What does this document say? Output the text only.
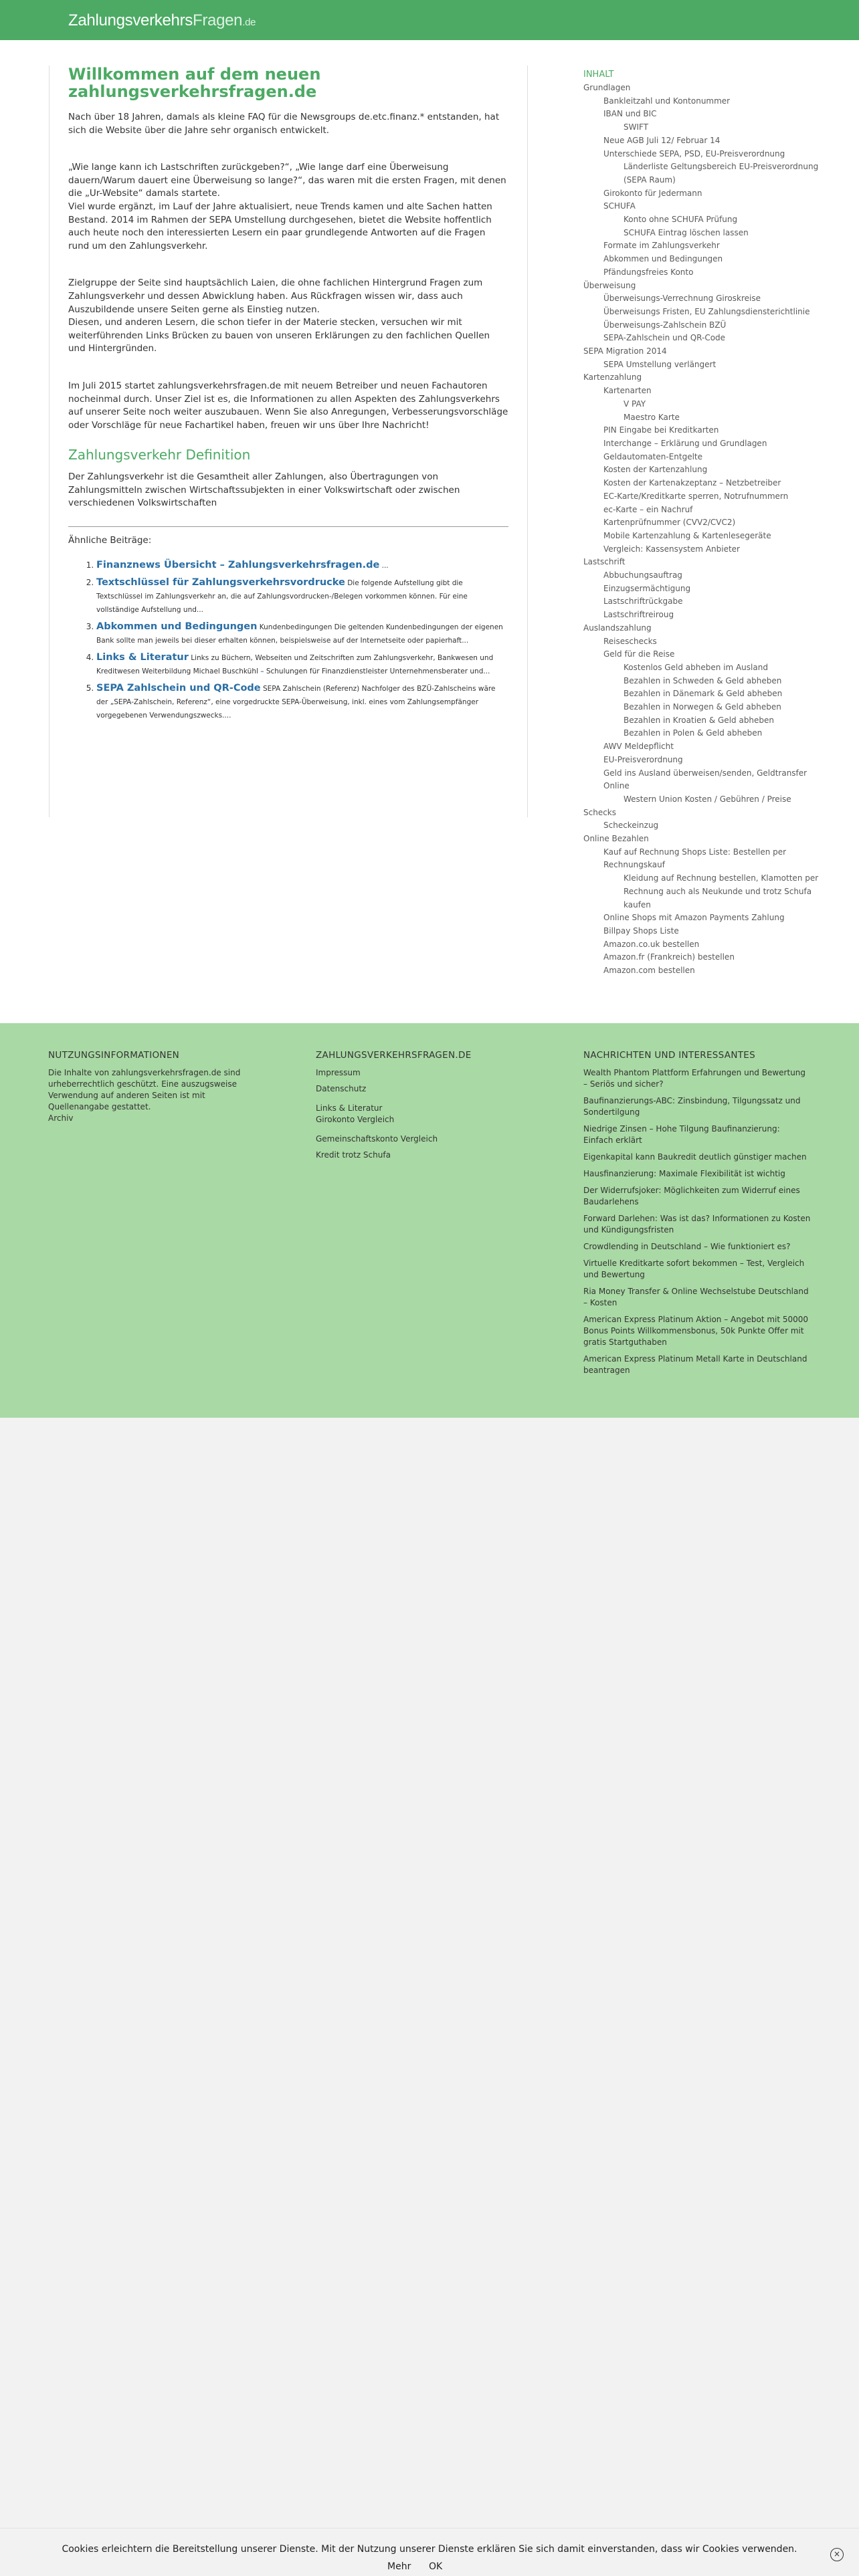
ZahlungsverkehrsFragen.de
Willkommen auf dem neuen zahlungsverkehrsfragen.de

Nach über 18 Jahren, damals als kleine FAQ für die Newsgroups de.etc.finanz.* entstanden, hat sich die Website über die Jahre sehr organisch entwickelt.

„Wie lange kann ich Lastschriften zurückgeben?“, „Wie lange darf eine Überweisung dauern/Warum dauert eine Überweisung so lange?“, das waren mit die ersten Fragen, mit denen die „Ur-Website“ damals startete.

Viel wurde ergänzt, im Lauf der Jahre aktualisiert, neue Trends kamen und alte Sachen hatten Bestand. 2014 im Rahmen der SEPA Umstellung durchgesehen, bietet die Website hoffentlich auch heute noch den interessierten Lesern ein paar grundlegende Antworten auf die Fragen rund um den Zahlungsverkehr.

Zielgruppe der Seite sind hauptsächlich Laien, die ohne fachlichen Hintergrund Fragen zum Zahlungsverkehr und dessen Abwicklung haben. Aus Rückfragen wissen wir, dass auch Auszubildende unsere Seiten gerne als Einstieg nutzen.

Diesen, und anderen Lesern, die schon tiefer in der Materie stecken, versuchen wir mit weiterführenden Links Brücken zu bauen von unseren Erklärungen zu den fachlichen Quellen und Hintergründen.

Im Juli 2015 startet zahlungsverkehrsfragen.de mit neuem Betreiber und neuen Fachautoren nocheinmal durch. Unser Ziel ist es, die Informationen zu allen Aspekten des Zahlungsverkehrs auf unserer Seite noch weiter auszubauen. Wenn Sie also Anregungen, Verbesserungsvorschläge oder Vorschläge für neue Fachartikel haben, freuen wir uns über Ihre Nachricht!

Zahlungsverkehr Definition

Der Zahlungsverkehr ist die Gesamtheit aller Zahlungen, also Übertragungen von Zahlungsmitteln zwischen Wirtschaftssubjekten in einer Volkswirtschaft oder zwischen verschiedenen Volkswirtschaften

Ähnliche Beiträge:
1. Finanznews Übersicht – Zahlungsverkehrsfragen.de ...
2. Textschlüssel für Zahlungsverkehrsvordrucke Die folgende Aufstellung gibt die Textschlüssel im Zahlungsverkehr an, die auf Zahlungsvordrucken-/Belegen vorkommen können. Für eine vollständige Aufstellung und...
3. Abkommen und Bedingungen Kundenbedingungen Die geltenden Kundenbedingungen der eigenen Bank sollte man jeweils bei dieser erhalten können, beispielsweise auf der Internetseite oder papierhaft...
4. Links & Literatur Links zu Büchern, Webseiten und Zeitschriften zum Zahlungsverkehr, Bankwesen und Kreditwesen Weiterbildung Michael Buschkühl – Schulungen für Finanzdienstleister Unternehmensberater und...
5. SEPA Zahlschein und QR-Code SEPA Zahlschein (Referenz) Nachfolger des BZÜ-Zahlscheins wäre der „SEPA-Zahlschein, Referenz“, eine vorgedruckte SEPA-Überweisung, inkl. eines vom Zahlungsempfänger vorgegebenen Verwendungszwecks....
INHALT
Grundlagen
Bankleitzahl und Kontonummer
IBAN und BIC
SWIFT
Neue AGB Juli 12/ Februar 14
Unterschiede SEPA, PSD, EU-Preisverordnung
Länderliste Geltungsbereich EU-Preisverordnung (SEPA Raum)
Girokonto für Jedermann
SCHUFA
Konto ohne SCHUFA Prüfung
SCHUFA Eintrag löschen lassen
Formate im Zahlungsverkehr
Abkommen und Bedingungen
Pfändungsfreies Konto
Überweisung
Überweisungs-Verrechnung Giroskreise
Überweisungs Fristen, EU Zahlungsdiensterichtlinie
Überweisungs-Zahlschein BZÜ
SEPA-Zahlschein und QR-Code
SEPA Migration 2014
SEPA Umstellung verlängert
Kartenzahlung
Kartenarten
V PAY
Maestro Karte
PIN Eingabe bei Kreditkarten
Interchange – Erklärung und Grundlagen
Geldautomaten-Entgelte
Kosten der Kartenzahlung
Kosten der Kartenakzeptanz – Netzbetreiber
EC-Karte/Kreditkarte sperren, Notrufnummern
ec-Karte – ein Nachruf
Kartenprüfnummer (CVV2/CVC2)
Mobile Kartenzahlung & Kartenlesegeräte
Vergleich: Kassensystem Anbieter
Lastschrift
Abbuchungsauftrag
Einzugsermächtigung
Lastschriftrückgabe
Lastschriftreiroug
Auslandszahlung
Reiseschecks
Geld für die Reise
Kostenlos Geld abheben im Ausland
Bezahlen in Schweden & Geld abheben
Bezahlen in Dänemark & Geld abheben
Bezahlen in Norwegen & Geld abheben
Bezahlen in Kroatien & Geld abheben
Bezahlen in Polen & Geld abheben
AWV Meldepflicht
EU-Preisverordnung
Geld ins Ausland überweisen/senden, Geldtransfer
Online
Western Union Kosten / Gebühren / Preise
Schecks
Scheckeinzug
Online Bezahlen
Kauf auf Rechnung Shops Liste: Bestellen per Rechnungskauf
Kleidung auf Rechnung bestellen, Klamotten per Rechnung auch als Neukunde und trotz Schufa kaufen
Online Shops mit Amazon Payments Zahlung
Billpay Shops Liste
Amazon.co.uk bestellen
Amazon.fr (Frankreich) bestellen
Amazon.com bestellen
NUTZUNGSINFORMATIONEN
Die Inhalte von zahlungsverkehrsfragen.de sind urheberrechtlich geschützt. Eine auszugsweise Verwendung auf anderen Seiten ist mit Quellenangabe gestattet.
Archiv
ZAHLUNGSVERKEHRSFRAGEN.DE
Impressum
Datenschutz
Links & Literatur Girokonto Vergleich
Gemeinschaftskonto Vergleich
Kredit trotz Schufa
NACHRICHTEN UND INTERESSANTES
Wealth Phantom Plattform Erfahrungen und Bewertung – Seriös und sicher?
Baufinanzierungs-ABC: Zinsbindung, Tilgungssatz und Sondertilgung
Niedrige Zinsen – Hohe Tilgung Baufinanzierung: Einfach erklärt
Eigenkapital kann Baukredit deutlich günstiger machen
Hausfinanzierung: Maximale Flexibilität ist wichtig
Der Widerrufsjoker: Möglichkeiten zum Widerruf eines Baudarlehens
Forward Darlehen: Was ist das? Informationen zu Kosten und Kündigungsfristen
Crowdlending in Deutschland – Wie funktioniert es?
Virtuelle Kreditkarte sofort bekommen – Test, Vergleich und Bewertung
Ria Money Transfer & Online Wechselstube Deutschland – Kosten
American Express Platinum Aktion – Angebot mit 50000 Bonus Points Willkommensbonus, 50k Punkte Offer mit gratis Startguthaben
American Express Platinum Metall Karte in Deutschland beantragen
Cookies erleichtern die Bereitstellung unserer Dienste. Mit der Nutzung unserer Dienste erklären Sie sich damit einverstanden, dass wir Cookies verwenden.
Mehr OK
×
